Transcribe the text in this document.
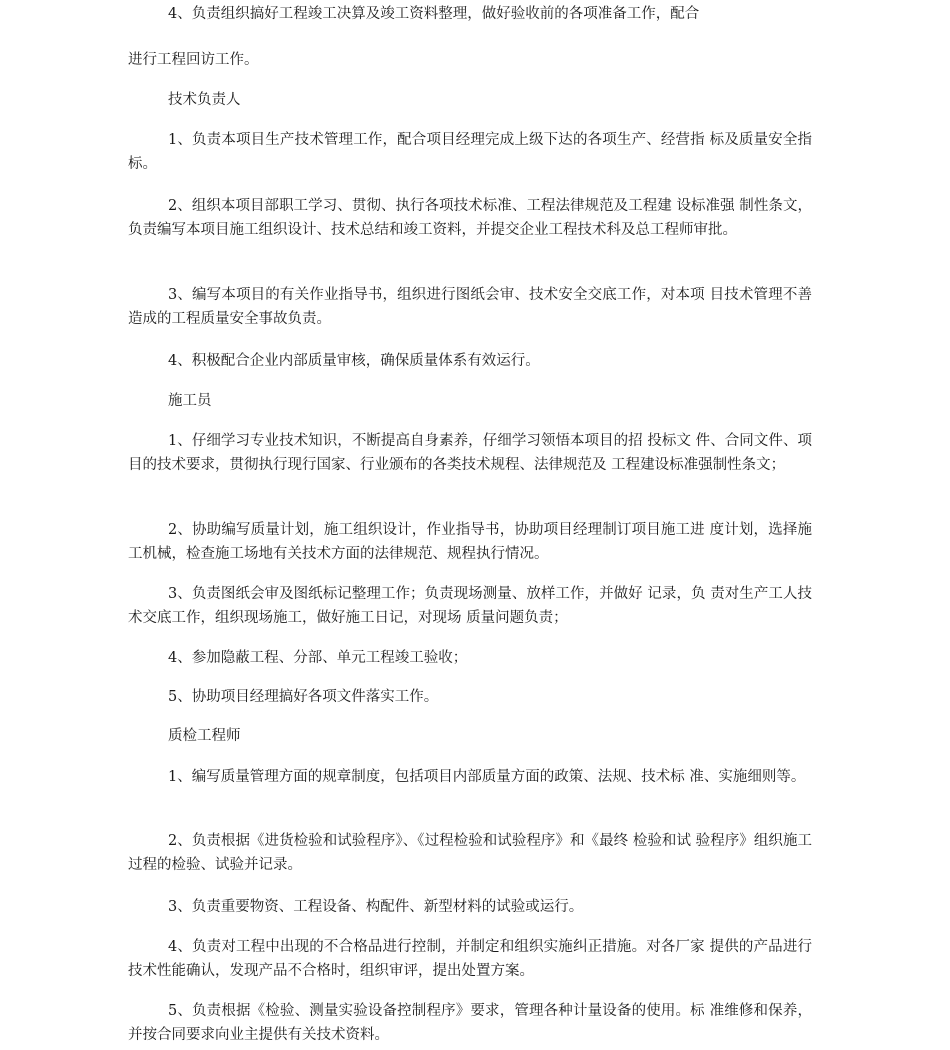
4、负责组织搞好工程竣工决算及竣工资料整理，做好验收前的各项准备工作，配合

进行工程回访工作。

技术负责人

1、负责本项目生产技术管理工作，配合项目经理完成上级下达的各项生产、经营指 标及质量安全指标。

2、组织本项目部职工学习、贯彻、执行各项技术标准、工程法律规范及工程建 设标准强 制性条文，负责编写本项目施工组织设计、技术总结和竣工资料，并提交企业工程技术科及总工程师审批。

3、编写本项目的有关作业指导书，组织进行图纸会审、技术安全交底工作，对本项 目技术管理不善造成的工程质量安全事故负责。

4、积极配合企业内部质量审核，确保质量体系有效运行。

施工员

1、仔细学习专业技术知识，不断提高自身素养，仔细学习领悟本项目的招 投标文 件、合同文件、项目的技术要求，贯彻执行现行国家、行业颁布的各类技术规程、法律规范及 工程建设标准强制性条文；

2、协助编写质量计划，施工组织设计，作业指导书，协助项目经理制订项目施工进 度计划，选择施工机械，检查施工场地有关技术方面的法律规范、规程执行情况。

3、负责图纸会审及图纸标记整理工作；负责现场测量、放样工作，并做好 记录，负 责对生产工人技术交底工作，组织现场施工，做好施工日记，对现场 质量问题负责；

4、参加隐蔽工程、分部、单元工程竣工验收；

5、协助项目经理搞好各项文件落实工作。

质检工程师

1、编写质量管理方面的规章制度，包括项目内部质量方面的政策、法规、技术标 准、实施细则等。

2、负责根据《进货检验和试验程序》、《过程检验和试验程序》和《最终 检验和试 验程序》组织施工过程的检验、试验并记录。

3、负责重要物资、工程设备、构配件、新型材料的试验或运行。

4、负责对工程中出现的不合格品进行控制，并制定和组织实施纠正措施。对各厂家 提供的产品进行技术性能确认，发现产品不合格时，组织审评，提出处置方案。

5、负责根据《检验、测量实验设备控制程序》要求，管理各种计量设备的使用。标 准维修和保养，并按合同要求向业主提供有关技术资料。
